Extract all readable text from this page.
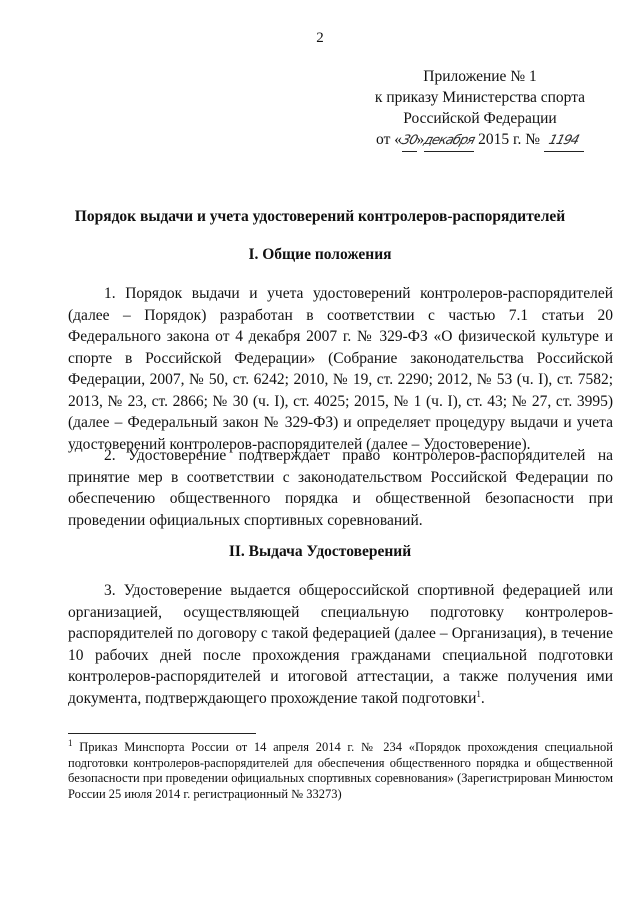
2
Приложение № 1
к приказу Министерства спорта
Российской Федерации
от «30»декабря 2015 г. № 1194
Порядок выдачи и учета удостоверений контролеров-распорядителей
I. Общие положения
1. Порядок выдачи и учета удостоверений контролеров-распорядителей (далее – Порядок) разработан в соответствии с частью 7.1 статьи 20 Федерального закона от 4 декабря 2007 г. № 329-ФЗ «О физической культуре и спорте в Российской Федерации» (Собрание законодательства Российской Федерации, 2007, № 50, ст. 6242; 2010, № 19, ст. 2290; 2012, № 53 (ч. I), ст. 7582; 2013, № 23, ст. 2866; № 30 (ч. I), ст. 4025; 2015, № 1 (ч. I), ст. 43; № 27, ст. 3995) (далее – Федеральный закон № 329-ФЗ) и определяет процедуру выдачи и учета удостоверений контролеров-распорядителей (далее – Удостоверение).
2. Удостоверение подтверждает право контролеров-распорядителей на принятие мер в соответствии с законодательством Российской Федерации по обеспечению общественного порядка и общественной безопасности при проведении официальных спортивных соревнований.
II. Выдача Удостоверений
3. Удостоверение выдается общероссийской спортивной федерацией или организацией, осуществляющей специальную подготовку контролеров-распорядителей по договору с такой федерацией (далее – Организация), в течение 10 рабочих дней после прохождения гражданами специальной подготовки контролеров-распорядителей и итоговой аттестации, а также получения ими документа, подтверждающего прохождение такой подготовки$^1$.
$^1$ Приказ Минспорта России от 14 апреля 2014 г. № 234 «Порядок прохождения специальной подготовки контролеров-распорядителей для обеспечения общественного порядка и общественной безопасности при проведении официальных спортивных соревнования» (Зарегистрирован Минюстом России 25 июля 2014 г. регистрационный № 33273)
